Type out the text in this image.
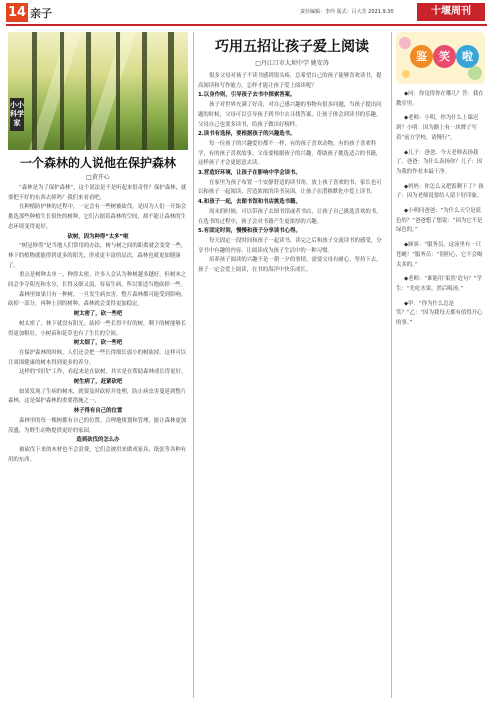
14 亲子	责任编辑：李玲 版式：吕大芳 2021.9.30	十堰周刊
小小科学家
一个森林的人说他在保护森林
□黄开心

“森林是为了保护森林”，这个说法是不是听起来很奇怪？保护森林，就要把不好的东西去掉吗？我们来看看吧。

在种植防护林的过程中，一定会有一些树被砍伐。是因为人们一开始会挑选那些种植生长很快的树种，它们占据着森林的空间，却不能让森林的生态环境变得更好。

砍树，因为种得“太多”啦

“树冠修剪”是当地人们常用的办法，树与树之间的距离就会变宽一些，林下的植物就能得到更多的阳光，形成更丰富的层次，森林也就更加健康了。

重点是树种太单一、种得太密。许多人会认为种树越多越好，但树木之间会争夺阳光和水分，长得又细又弱，容易生病，所以要适当地砍掉一些。

森林里如果只有一种树，一旦发生病虫害，整片森林都可能受到影响。砍掉一部分，再种上别的树种，森林就会变得更加稳定。

树太密了，砍一些吧

树太密了，林下就没有阳光。砍掉一些长得不好的树，剩下的树能够长得更加粗壮，小树苗和花草也有了生长的空间。

树太细了，砍一些吧

在保护森林的时候，人们还会把一些长得细长弱小的树砍掉，这样可以让周围健康的树木得到更多的养分。

这样的“间伐”工作，看起来是在砍树，其实是在帮助森林成长得更好。

树生病了，赶紧砍吧

如果发现了生病的树木，就要及时砍掉并处理，防止病虫害蔓延到整片森林。这是保护森林的重要措施之一。

林子得有自己的位置

森林里的每一棵树都有自己的位置。合理地规划和管理，能让森林更加茂盛，为野生动物提供更好的家园。

造到砍伐的怎么办

被砍伐下来的木材也不会浪费，它们会被用来做成家具、纸张等各种有用的东西。

巧用五招让孩子爱上阅读
□丹江口市大坝中学 姚安涛

很多父母对孩子不读书感到很头疼，总希望自己的孩子能够喜欢读书，提高阅读和写作能力，怎样才能让孩子爱上阅读呢？

1.以身作则，引导孩子去书中探索答案。

孩子对世界充满了好奇，对自己感兴趣的事物有很多问题，当孩子提出问题的时候，父母可以引导孩子到书中去寻找答案，让孩子体会到读书的乐趣。父母自己也要多读书，给孩子做出好榜样。

2.读书有选择，要根据孩子的兴趣选书。

每一位孩子的兴趣爱好都不一样，有的孩子喜欢动物，有的孩子喜欢科学，有的孩子喜欢故事。父母要根据孩子的兴趣，帮助孩子挑选适合的书籍，这样孩子才会更愿意去读。

3.营造好环境，让孩子在影响中学会读书。

在家里为孩子布置一个安静舒适的读书角，放上孩子喜欢的书，家长也可以和孩子一起阅读，营造浓浓的读书氛围，让孩子在潜移默化中爱上读书。

4.和孩子一起，去图书馆和书店挑选书籍。

周末的时候，可以带孩子去图书馆或者书店，让孩子自己挑选喜欢的书，在选书的过程中，孩子会对书籍产生更浓厚的兴趣。

5.有固定时间，慢慢和孩子分享读书心得。

每天固定一段时间和孩子一起读书，读完之后和孩子交流读书的感受，分享书中有趣的内容。让阅读成为孩子生活中的一种习惯。

培养孩子阅读的兴趣不是一朝一夕的事情，需要父母有耐心，坚持下去，孩子一定会爱上阅读，在书的海洋中快乐成长。

鉴	笑	啦

◆问：你觉得你在哪儿？答：我在教室里。

◆老师：小明，你为什么上课迟到？小明：因为路上有一块牌子写着“前方学校，请慢行”。

◆儿子：爸爸，今天老师表扬我了。爸爸：为什么表扬你？儿子：因为我的作业本最干净。

◆妈妈：你怎么又把饭剩下了？孩子：因为老师说要给人留下好印象。

◆小明问爸爸：“为什么天空是蓝色的？”爸爸想了想说：“因为它不是绿色的。”

◆顾客：“服务员，这汤里有一只苍蝇！”服务员：“别担心，它不会喝太多的。”

◆老师：“谁能用‘果然’造句？”学生：“先吃水果，然后喝汤。”

◆甲：“你为什么总是笑？”乙：“因为我每天都有值得开心的事。”
